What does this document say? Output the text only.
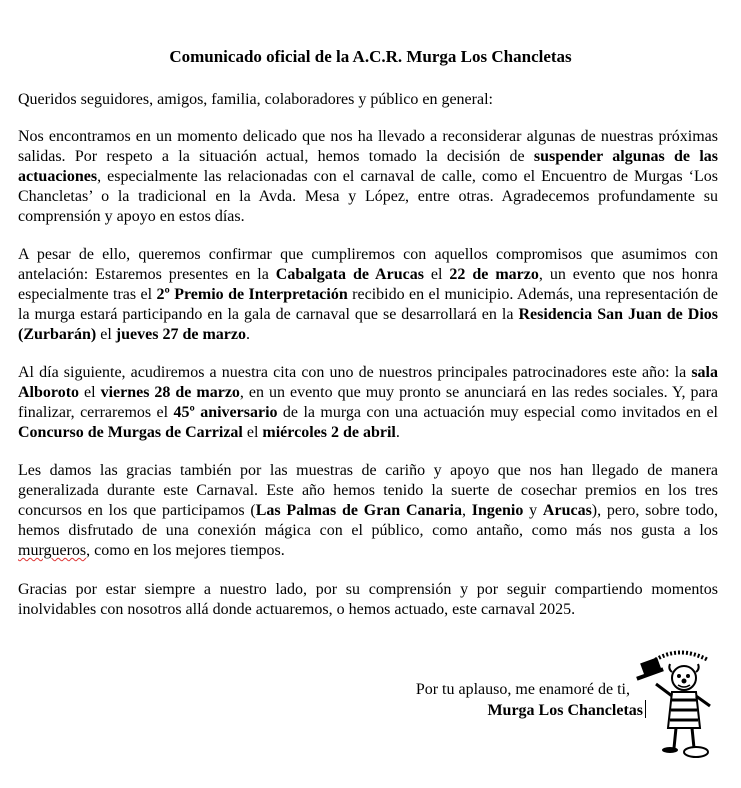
Comunicado oficial de la A.C.R. Murga Los Chancletas
Queridos seguidores, amigos, familia, colaboradores y público en general:

Nos encontramos en un momento delicado que nos ha llevado a reconsiderar algunas de nuestras próximas salidas. Por respeto a la situación actual, hemos tomado la decisión de suspender algunas de las actuaciones, especialmente las relacionadas con el carnaval de calle, como el Encuentro de Murgas ‘Los Chancletas’ o la tradicional en la Avda. Mesa y López, entre otras. Agradecemos profundamente su comprensión y apoyo en estos días.

A pesar de ello, queremos confirmar que cumpliremos con aquellos compromisos que asumimos con antelación: Estaremos presentes en la Cabalgata de Arucas el 22 de marzo, un evento que nos honra especialmente tras el 2º Premio de Interpretación recibido en el municipio. Además, una representación de la murga estará participando en la gala de carnaval que se desarrollará en la Residencia San Juan de Dios (Zurbarán) el jueves 27 de marzo.

Al día siguiente, acudiremos a nuestra cita con uno de nuestros principales patrocinadores este año: la sala Alboroto el viernes 28 de marzo, en un evento que muy pronto se anunciará en las redes sociales. Y, para finalizar, cerraremos el 45º aniversario de la murga con una actuación muy especial como invitados en el Concurso de Murgas de Carrizal el miércoles 2 de abril.

Les damos las gracias también por las muestras de cariño y apoyo que nos han llegado de manera generalizada durante este Carnaval. Este año hemos tenido la suerte de cosechar premios en los tres concursos en los que participamos (Las Palmas de Gran Canaria, Ingenio y Arucas), pero, sobre todo, hemos disfrutado de una conexión mágica con el público, como antaño, como más nos gusta a los murgueros, como en los mejores tiempos.

Gracias por estar siempre a nuestro lado, por su comprensión y por seguir compartiendo momentos inolvidables con nosotros allá donde actuaremos, o hemos actuado, este carnaval 2025.

Por tu aplauso, me enamoré de ti,
Murga Los Chancletas
